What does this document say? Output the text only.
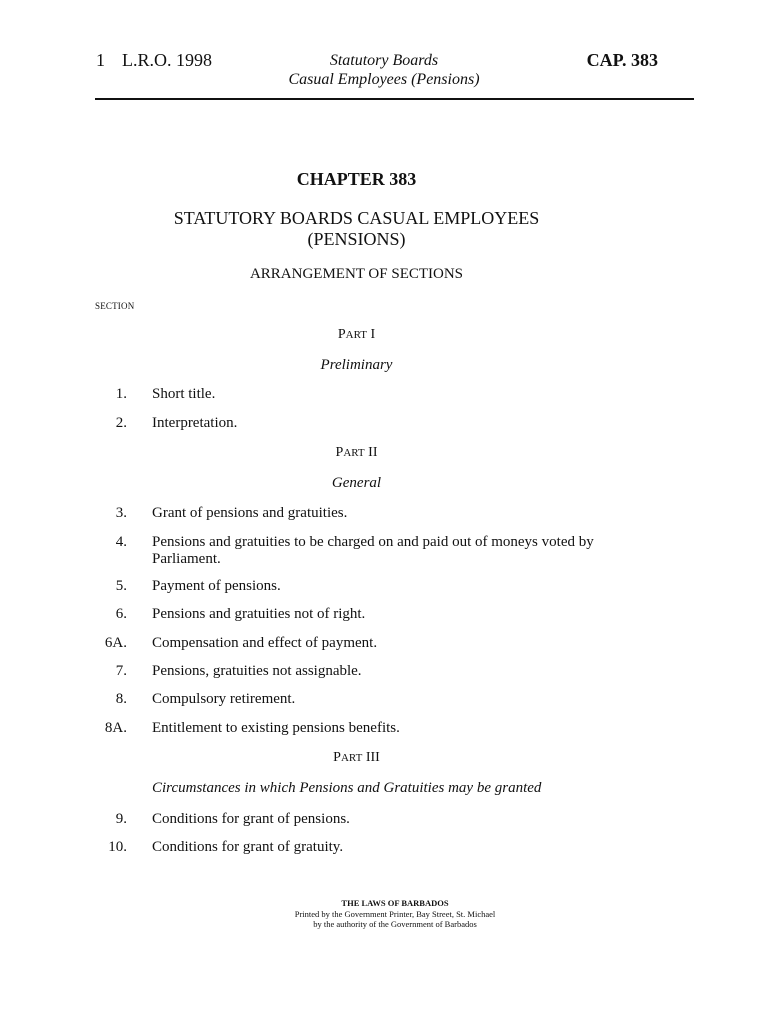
1 L.R.O. 1998	Statutory Boards
Casual Employees (Pensions)
CAP. 383
CHAPTER 383
STATUTORY BOARDS CASUAL EMPLOYEES
(PENSIONS)
ARRANGEMENT OF SECTIONS
SECTION
PART I
Preliminary
1. Short title.
2. Interpretation.
PART II
General
3. Grant of pensions and gratuities.
4. Pensions and gratuities to be charged on and paid out of moneys voted by Parliament.
5. Payment of pensions.
6. Pensions and gratuities not of right.
6A. Compensation and effect of payment.
7. Pensions, gratuities not assignable.
8. Compulsory retirement.
8A. Entitlement to existing pensions benefits.
PART III
Circumstances in which Pensions and Gratuities may be granted
9. Conditions for grant of pensions.
10. Conditions for grant of gratuity.
THE LAWS OF BARBADOS
Printed by the Government Printer, Bay Street, St. Michael
by the authority of the Government of Barbados
